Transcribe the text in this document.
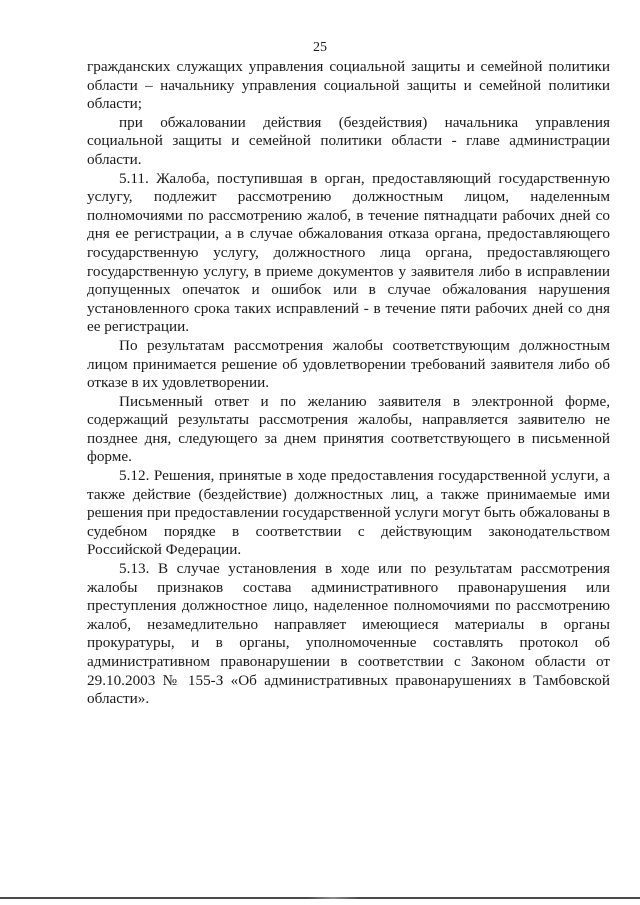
25

гражданских служащих управления социальной защиты и семейной политики области – начальнику управления социальной защиты и семейной политики области;

при обжаловании действия (бездействия) начальника управления социальной защиты и семейной политики области - главе администрации области.

5.11. Жалоба, поступившая в орган, предоставляющий государственную услугу, подлежит рассмотрению должностным лицом, наделенным полномочиями по рассмотрению жалоб, в течение пятнадцати рабочих дней со дня ее регистрации, а в случае обжалования отказа органа, предоставляющего государственную услугу, должностного лица органа, предоставляющего государственную услугу, в приеме документов у заявителя либо в исправлении допущенных опечаток и ошибок или в случае обжалования нарушения установленного срока таких исправлений - в течение пяти рабочих дней со дня ее регистрации.

По результатам рассмотрения жалобы соответствующим должностным лицом принимается решение об удовлетворении требований заявителя либо об отказе в их удовлетворении.

Письменный ответ и по желанию заявителя в электронной форме, содержащий результаты рассмотрения жалобы, направляется заявителю не позднее дня, следующего за днем принятия соответствующего в письменной форме.

5.12. Решения, принятые в ходе предоставления государственной услуги, а также действие (бездействие) должностных лиц, а также принимаемые ими решения при предоставлении государственной услуги могут быть обжалованы в судебном порядке в соответствии с действующим законодательством Российской Федерации.

5.13. В случае установления в ходе или по результатам рассмотрения жалобы признаков состава административного правонарушения или преступления должностное лицо, наделенное полномочиями по рассмотрению жалоб, незамедлительно направляет имеющиеся материалы в органы прокуратуры, и в органы, уполномоченные составлять протокол об административном правонарушении в соответствии с Законом области от 29.10.2003 № 155-З «Об административных правонарушениях в Тамбовской области».
